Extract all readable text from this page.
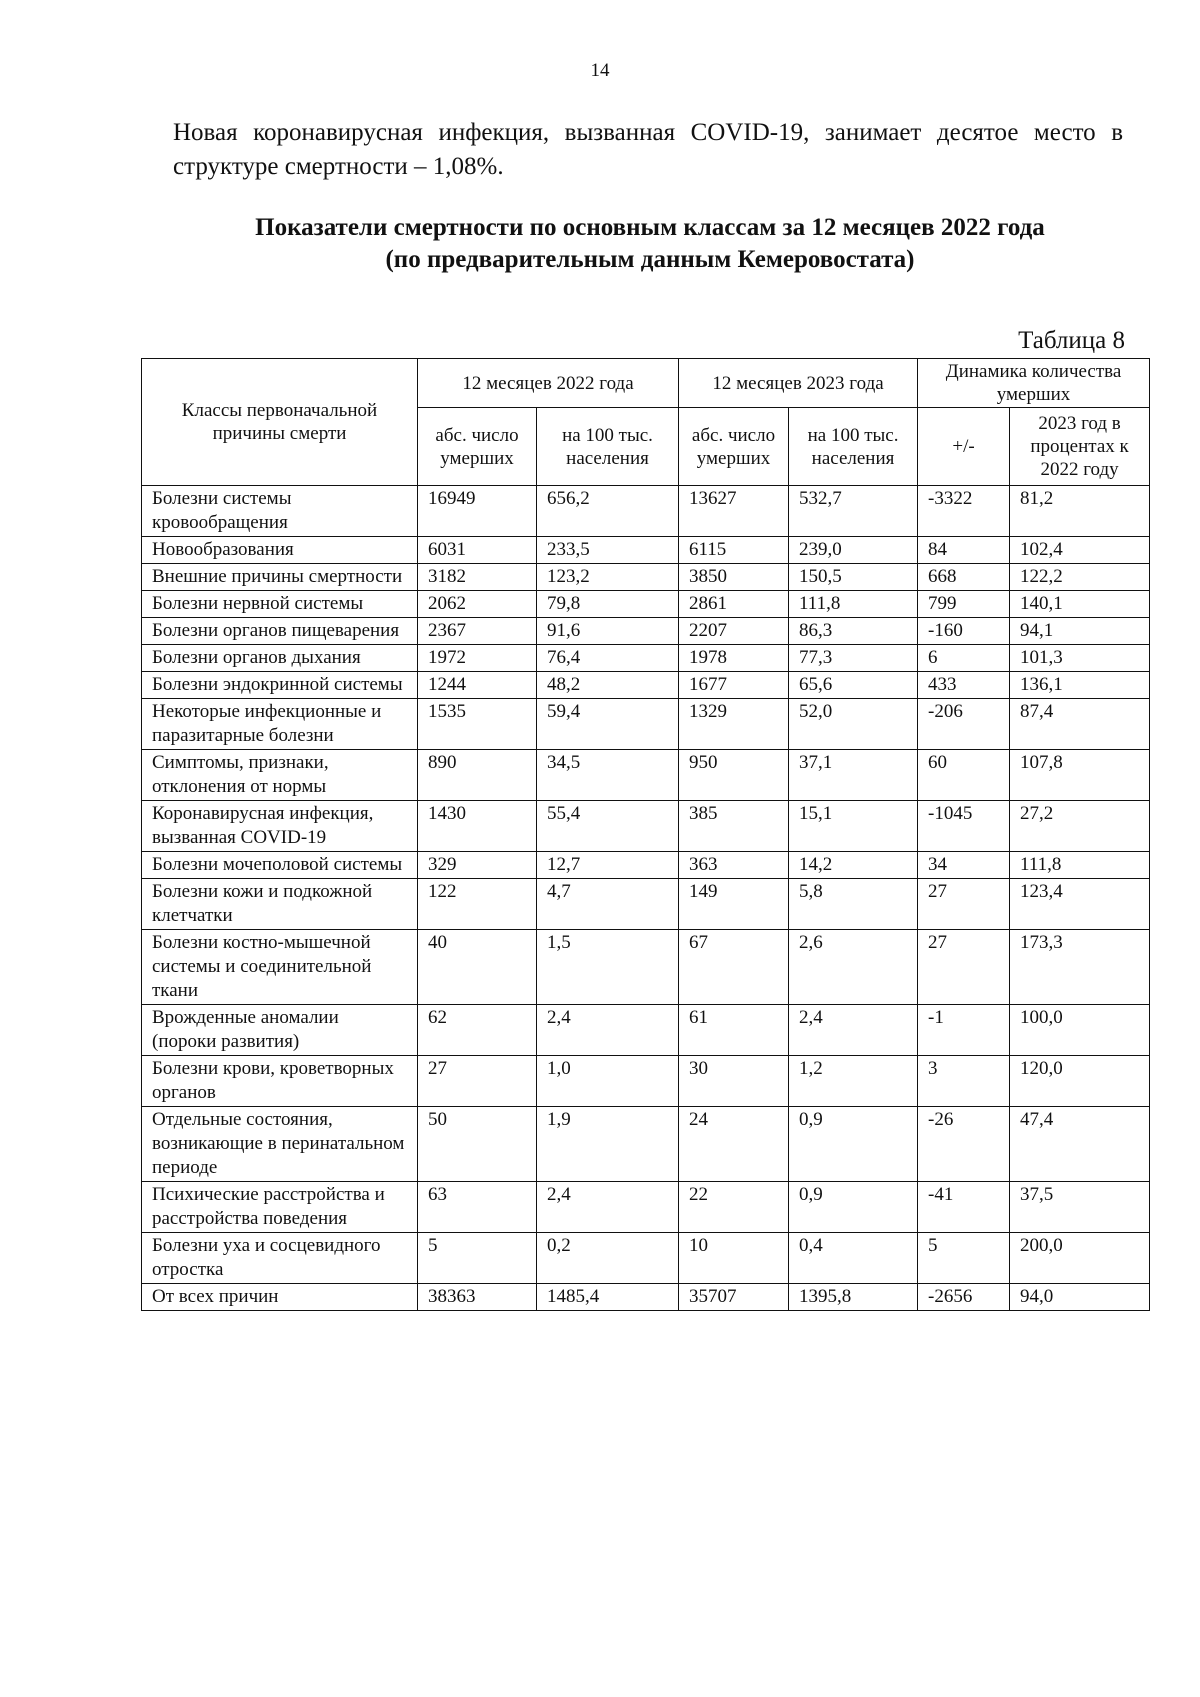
14

Новая коронавирусная инфекция, вызванная COVID-19, занимает десятое место в структуре смертности – 1,08%.

Показатели смертности по основным классам за 12 месяцев 2022 года
(по предварительным данным Кемеровостата)
Таблица 8
Классы первоначальной причины смерти	12 месяцев 2022 года		12 месяцев 2023 года		Динамика количества умерших	
	абс. число умерших	на 100 тыс. населения	абс. число умерших	на 100 тыс. населения	+/-	2023 год в процентах к 2022 году
Болезни системы кровообращения	16949	656,2	13627	532,7	-3322	81,2
Новообразования	6031	233,5	6115	239,0	84	102,4
Внешние причины смертности	3182	123,2	3850	150,5	668	122,2
Болезни нервной системы	2062	79,8	2861	111,8	799	140,1
Болезни органов пищеварения	2367	91,6	2207	86,3	-160	94,1
Болезни органов дыхания	1972	76,4	1978	77,3	6	101,3
Болезни эндокринной системы	1244	48,2	1677	65,6	433	136,1
Некоторые инфекционные и паразитарные болезни	1535	59,4	1329	52,0	-206	87,4
Симптомы, признаки, отклонения от нормы	890	34,5	950	37,1	60	107,8
Коронавирусная инфекция, вызванная COVID-19	1430	55,4	385	15,1	-1045	27,2
Болезни мочеполовой системы	329	12,7	363	14,2	34	111,8
Болезни кожи и подкожной клетчатки	122	4,7	149	5,8	27	123,4
Болезни костно-мышечной системы и соединительной ткани	40	1,5	67	2,6	27	173,3
Врожденные аномалии (пороки развития)	62	2,4	61	2,4	-1	100,0
Болезни крови, кроветворных органов	27	1,0	30	1,2	3	120,0
Отдельные состояния, возникающие в перинатальном периоде	50	1,9	24	0,9	-26	47,4
Психические расстройства и расстройства поведения	63	2,4	22	0,9	-41	37,5
Болезни уха и сосцевидного отростка	5	0,2	10	0,4	5	200,0
От всех причин	38363	1485,4	35707	1395,8	-2656	94,0
